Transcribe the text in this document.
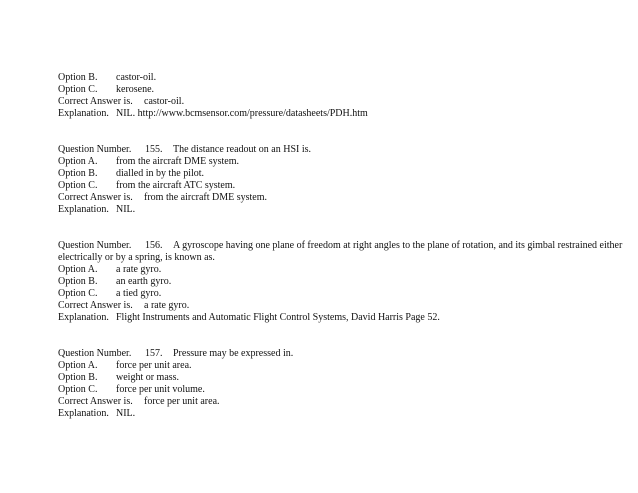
Option B. castor-oil.
Option C. kerosene.
Correct Answer is. castor-oil.
Explanation. NIL. http://www.bcmsensor.com/pressure/datasheets/PDH.htm
Question Number. 155. The distance readout on an HSI is.
Option A. from the aircraft DME system.
Option B. dialled in by the pilot.
Option C. from the aircraft ATC system.
Correct Answer is. from the aircraft DME system.
Explanation. NIL.
Question Number. 156. A gyroscope having one plane of freedom at right angles to the plane of rotation, and its gimbal restrained either electrically or by a spring, is known as.
Option A. a rate gyro.
Option B. an earth gyro.
Option C. a tied gyro.
Correct Answer is. a rate gyro.
Explanation. Flight Instruments and Automatic Flight Control Systems, David Harris Page 52.
Question Number. 157. Pressure may be expressed in.
Option A. force per unit area.
Option B. weight or mass.
Option C. force per unit volume.
Correct Answer is. force per unit area.
Explanation. NIL.
